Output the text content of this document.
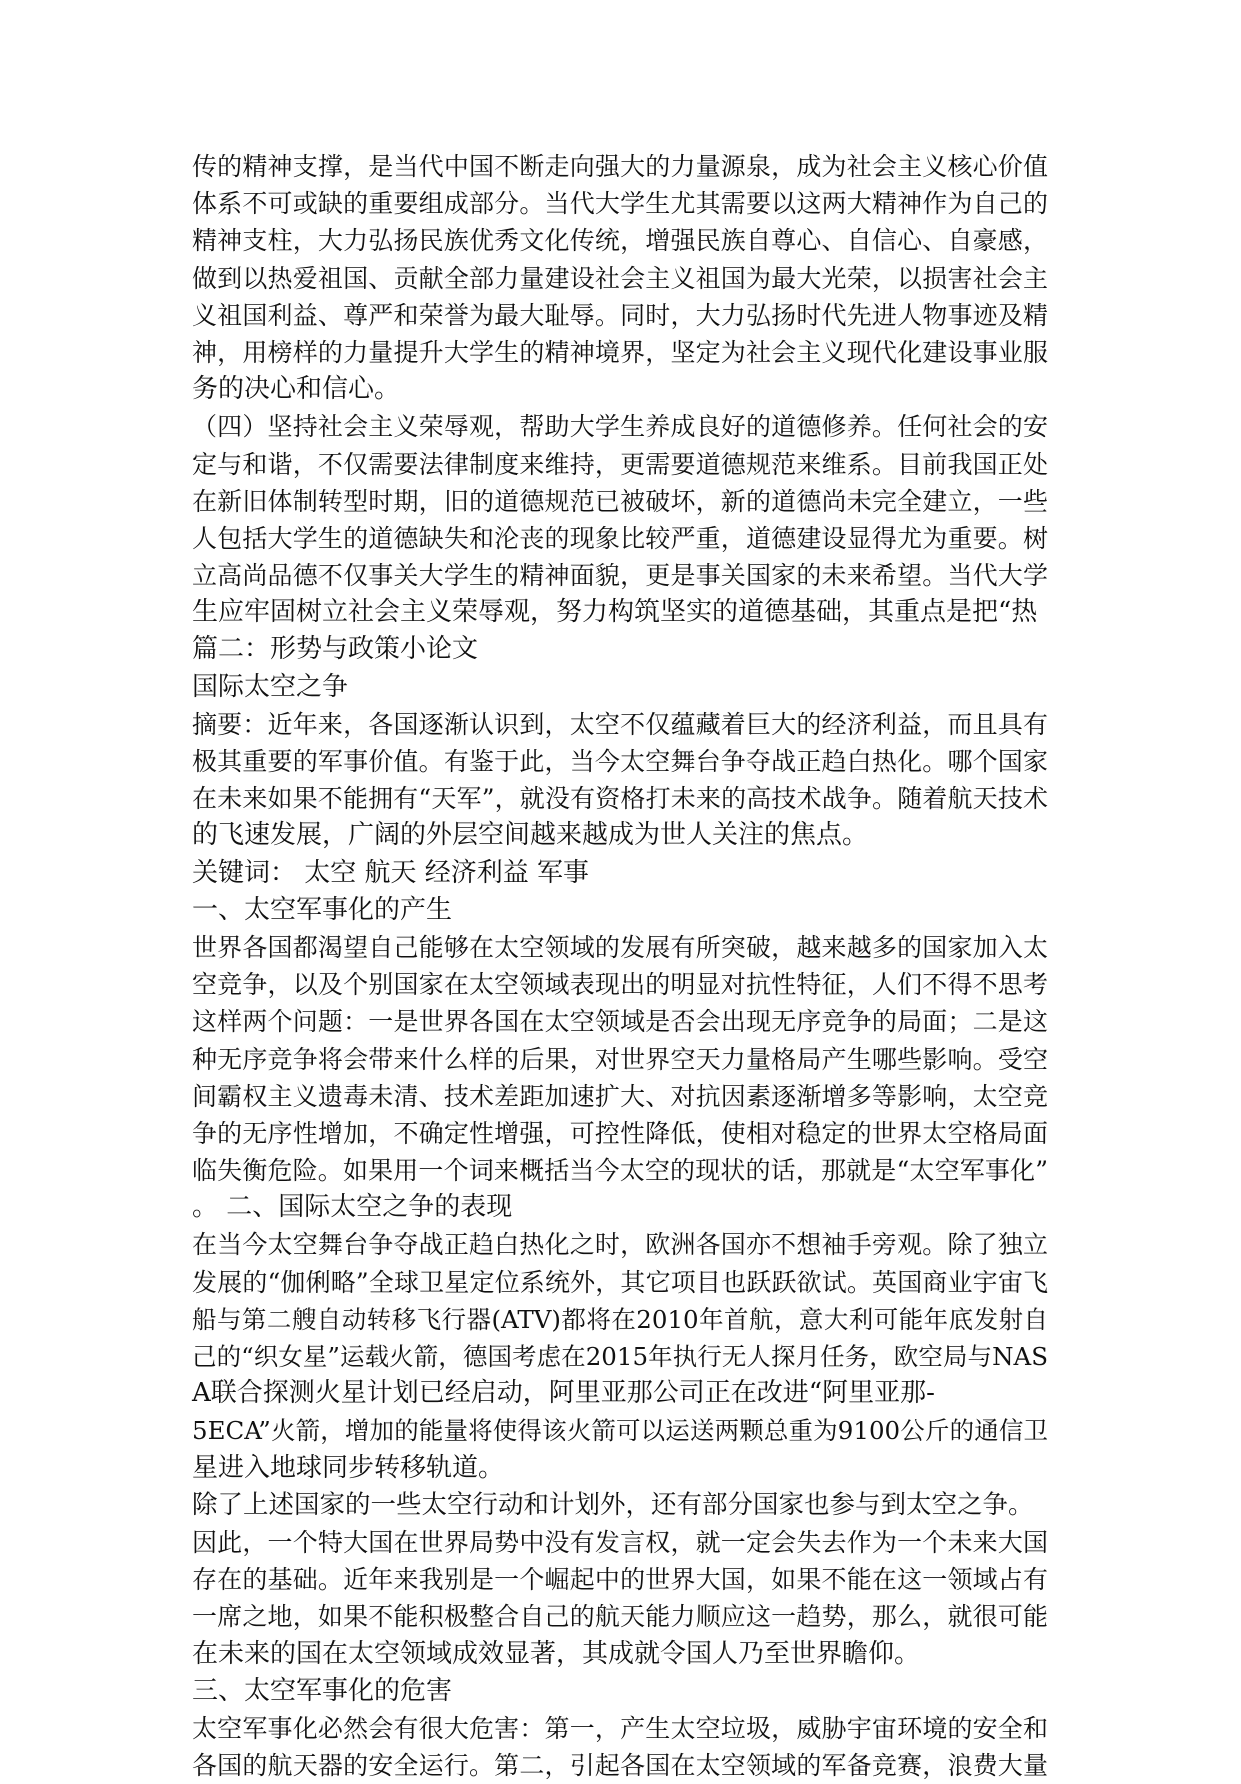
传的精神支撑，是当代中国不断走向强大的力量源泉，成为社会主义核心价值
体系不可或缺的重要组成部分。当代大学生尤其需要以这两大精神作为自己的
精神支柱，大力弘扬民族优秀文化传统，增强民族自尊心、自信心、自豪感，
做到以热爱祖国、贡献全部力量建设社会主义祖国为最大光荣，以损害社会主
义祖国利益、尊严和荣誉为最大耻辱。同时，大力弘扬时代先进人物事迹及精
神，用榜样的力量提升大学生的精神境界，坚定为社会主义现代化建设事业服
务的决心和信心。
（四）坚持社会主义荣辱观，帮助大学生养成良好的道德修养。任何社会的安
定与和谐，不仅需要法律制度来维持，更需要道德规范来维系。目前我国正处
在新旧体制转型时期，旧的道德规范已被破坏，新的道德尚未完全建立，一些
人包括大学生的道德缺失和沦丧的现象比较严重，道德建设显得尤为重要。树
立高尚品德不仅事关大学生的精神面貌，更是事关国家的未来希望。当代大学
生应牢固树立社会主义荣辱观，努力构筑坚实的道德基础，其重点是把“热
篇二：形势与政策小论文
国际太空之争
摘要：近年来，各国逐渐认识到，太空不仅蕴藏着巨大的经济利益，而且具有
极其重要的军事价值。有鉴于此，当今太空舞台争夺战正趋白热化。哪个国家
在未来如果不能拥有“天军”，就没有资格打未来的高技术战争。随着航天技术
的飞速发展，广阔的外层空间越来越成为世人关注的焦点。
关键词： 太空 航天 经济利益 军事
一、太空军事化的产生
世界各国都渴望自己能够在太空领域的发展有所突破，越来越多的国家加入太
空竞争，以及个别国家在太空领域表现出的明显对抗性特征，人们不得不思考
这样两个问题：一是世界各国在太空领域是否会出现无序竞争的局面；二是这
种无序竞争将会带来什么样的后果，对世界空天力量格局产生哪些影响。受空
间霸权主义遗毒未清、技术差距加速扩大、对抗因素逐渐增多等影响，太空竞
争的无序性增加，不确定性增强，可控性降低，使相对稳定的世界太空格局面
临失衡危险。如果用一个词来概括当今太空的现状的话，那就是“太空军事化”
。 二、国际太空之争的表现
在当今太空舞台争夺战正趋白热化之时，欧洲各国亦不想袖手旁观。除了独立
发展的“伽俐略”全球卫星定位系统外，其它项目也跃跃欲试。英国商业宇宙飞
船与第二艘自动转移飞行器(ATV)都将在2010年首航，意大利可能年底发射自
己的“织女星”运载火箭，德国考虑在2015年执行无人探月任务，欧空局与NAS
A联合探测火星计划已经启动，阿里亚那公司正在改进“阿里亚那-
5ECA”火箭，增加的能量将使得该火箭可以运送两颗总重为9100公斤的通信卫
星进入地球同步转移轨道。
除了上述国家的一些太空行动和计划外，还有部分国家也参与到太空之争。
因此，一个特大国在世界局势中没有发言权，就一定会失去作为一个未来大国
存在的基础。近年来我别是一个崛起中的世界大国，如果不能在这一领域占有
一席之地，如果不能积极整合自己的航天能力顺应这一趋势，那么，就很可能
在未来的国在太空领域成效显著，其成就令国人乃至世界瞻仰。
三、太空军事化的危害
太空军事化必然会有很大危害：第一，产生太空垃圾，威胁宇宙环境的安全和
各国的航天器的安全运行。第二，引起各国在太空领域的军备竞赛，浪费大量
